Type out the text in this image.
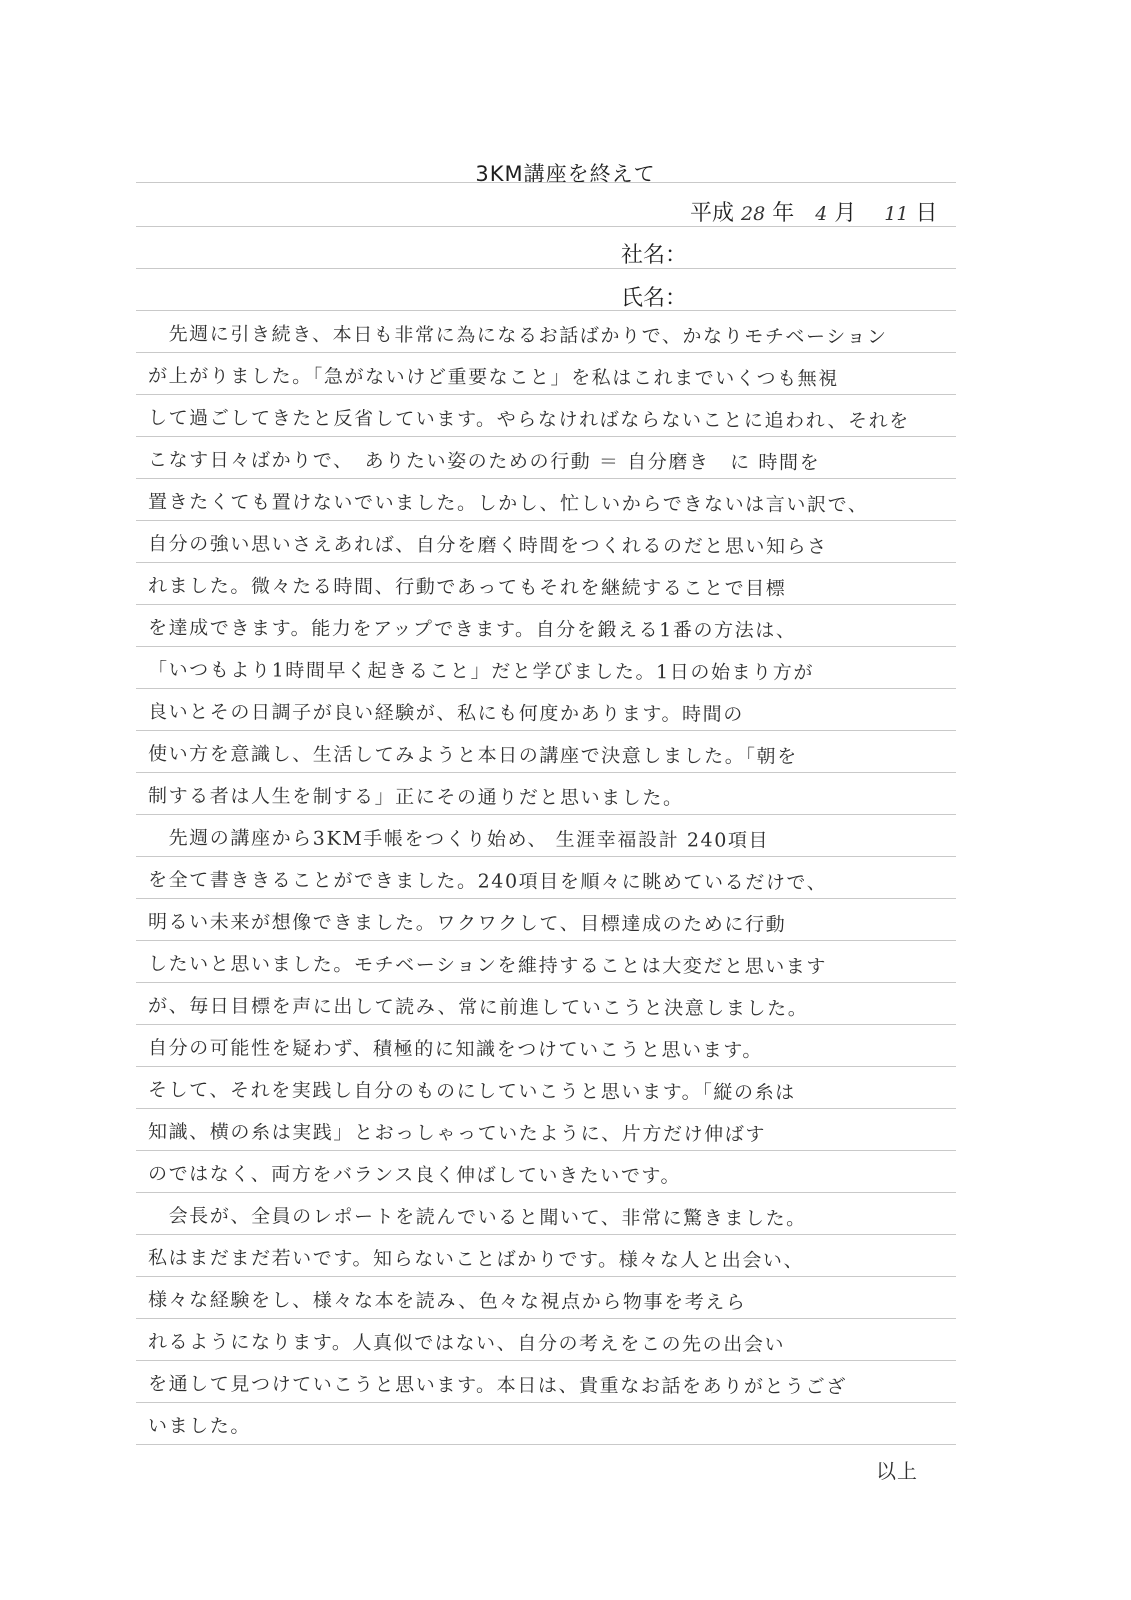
3KM講座を終えて
平成 28 年 4 月 11 日
社名：
氏名：
　先週に引き続き、本日も非常に為になるお話ばかりで、かなりモチベーション
が上がりました。「急がないけど重要なこと」を私はこれまでいくつも無視
して過ごしてきたと反省しています。やらなければならないことに追われ、それを
こなす日々ばかりで、　ありたい姿のための行動 ＝ 自分磨き　に 時間を
置きたくても置けないでいました。しかし、忙しいからできないは言い訳で、
自分の強い思いさえあれば、自分を磨く時間をつくれるのだと思い知らさ
れました。微々たる時間、行動であってもそれを継続することで目標
を達成できます。能力をアップできます。自分を鍛える1番の方法は、
「いつもより1時間早く起きること」だと学びました。1日の始まり方が
良いとその日調子が良い経験が、私にも何度かあります。時間の
使い方を意識し、生活してみようと本日の講座で決意しました。「朝を
制する者は人生を制する」正にその通りだと思いました。
　先週の講座から3KM手帳をつくり始め、 生涯幸福設計 240項目
を全て書ききることができました。240項目を順々に眺めているだけで、
明るい未来が想像できました。ワクワクして、目標達成のために行動
したいと思いました。モチベーションを維持することは大変だと思います
が、毎日目標を声に出して読み、常に前進していこうと決意しました。
自分の可能性を疑わず、積極的に知識をつけていこうと思います。
そして、それを実践し自分のものにしていこうと思います。「縦の糸は
知識、横の糸は実践」とおっしゃっていたように、片方だけ伸ばす
のではなく、両方をバランス良く伸ばしていきたいです。
　会長が、全員のレポートを読んでいると聞いて、非常に驚きました。
私はまだまだ若いです。知らないことばかりです。様々な人と出会い、
様々な経験をし、様々な本を読み、色々な視点から物事を考えら
れるようになります。人真似ではない、自分の考えをこの先の出会い
を通して見つけていこうと思います。本日は、貴重なお話をありがとうござ
いました。
以上
